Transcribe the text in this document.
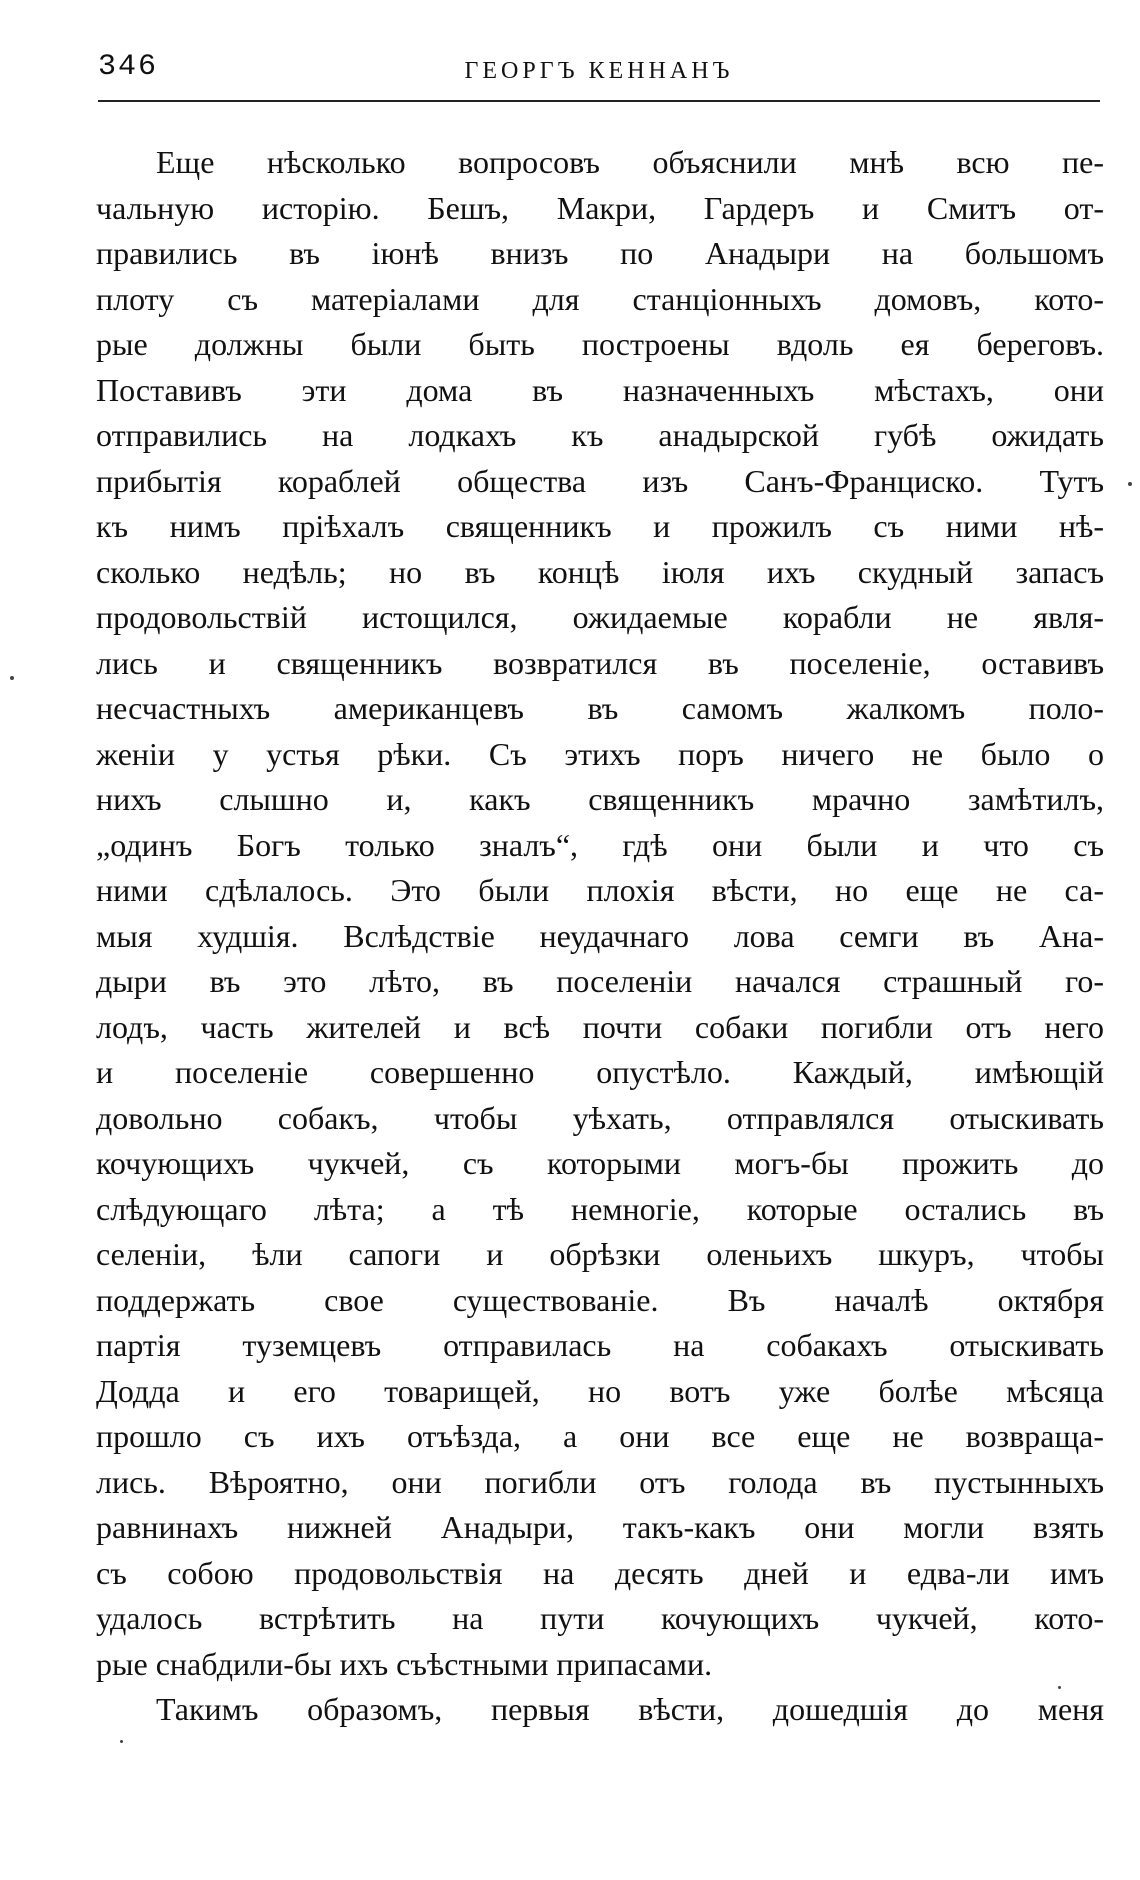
346	ГЕОРГЪ КЕННАНЪ
Еще нѣсколько вопросовъ объяснили мнѣ всю пе-
чальную исторію. Бешъ, Макри, Гардеръ и Смитъ от-
правились въ іюнѣ внизъ по Анадыри на большомъ
плоту съ матеріалами для станціонныхъ домовъ, кото-
рые должны были быть построены вдоль ея береговъ.
Поставивъ эти дома въ назначенныхъ мѣстахъ, они
отправились на лодкахъ къ анадырской губѣ ожидать
прибытія кораблей общества изъ Санъ-Франциско. Тутъ
къ нимъ пріѣхалъ священникъ и прожилъ съ ними нѣ-
сколько недѣль; но въ концѣ іюля ихъ скудный запасъ
продовольствій истощился, ожидаемые корабли не явля-
лись и священникъ возвратился въ поселеніе, оставивъ
несчастныхъ американцевъ въ самомъ жалкомъ поло-
женіи у устья рѣки. Съ этихъ поръ ничего не было о
нихъ слышно и, какъ священникъ мрачно замѣтилъ,
„одинъ Богъ только зналъ“, гдѣ они были и что съ
ними сдѣлалось. Это были плохія вѣсти, но еще не са-
мыя худшія. Вслѣдствіе неудачнаго лова семги въ Ана-
дыри въ это лѣто, въ поселеніи начался страшный го-
лодъ, часть жителей и всѣ почти собаки погибли отъ него
и поселеніе совершенно опустѣло. Каждый, имѣющій
довольно собакъ, чтобы уѣхать, отправлялся отыскивать
кочующихъ чукчей, съ которыми могъ-бы прожить до
слѣдующаго лѣта; а тѣ немногіе, которые остались въ
селеніи, ѣли сапоги и обрѣзки оленьихъ шкуръ, чтобы
поддержать свое существованіе. Въ началѣ октября
партія туземцевъ отправилась на собакахъ отыскивать
Додда и его товарищей, но вотъ уже болѣе мѣсяца
прошло съ ихъ отъѣзда, а они все еще не возвраща-
лись. Вѣроятно, они погибли отъ голода въ пустынныхъ
равнинахъ нижней Анадыри, такъ-какъ они могли взять
съ собою продовольствія на десять дней и едва-ли имъ
удалось встрѣтить на пути кочующихъ чукчей, кото-
рые снабдили-бы ихъ съѣстными припасами.
Такимъ образомъ, первыя вѣсти, дошедшія до меня
